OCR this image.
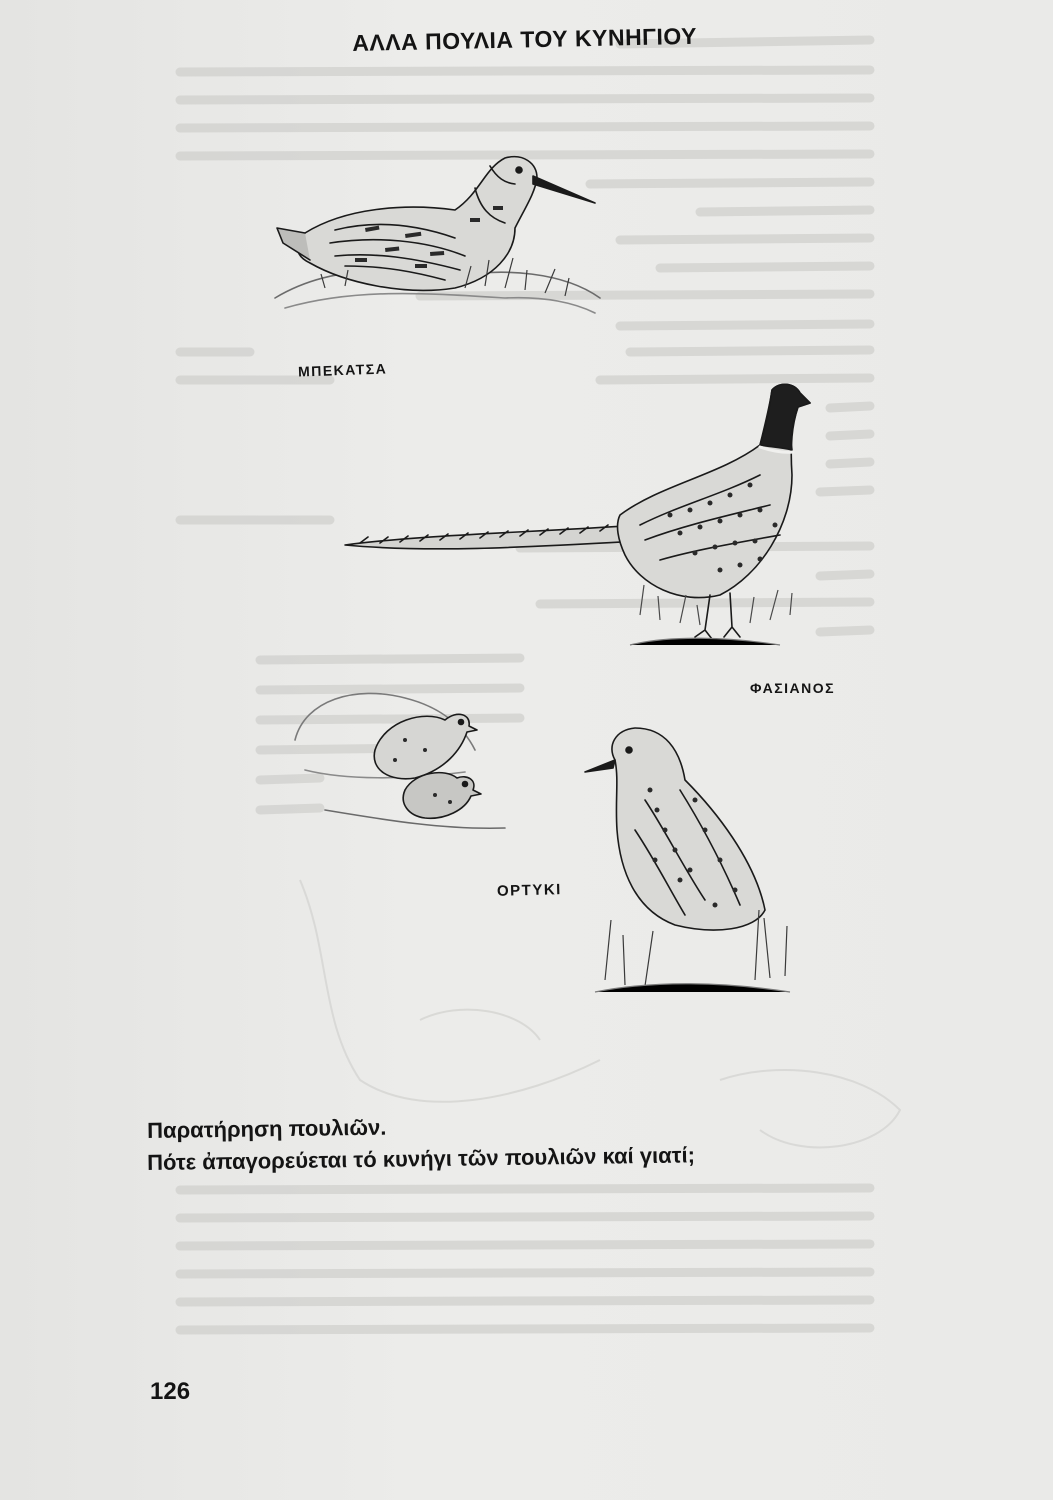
ΑΛΛΑ ΠΟΥΛΙΑ ΤΟΥ ΚΥΝΗΓΙΟΥ
ΜΠΕΚΑΤΣΑ
ΦΑΣΙΑΝΟΣ
ΟΡΤΥΚΙ
Παρατήρηση πουλιῶν.
Πότε ἀπαγορεύεται τό κυνήγι τῶν πουλιῶν καί γιατί;
126
